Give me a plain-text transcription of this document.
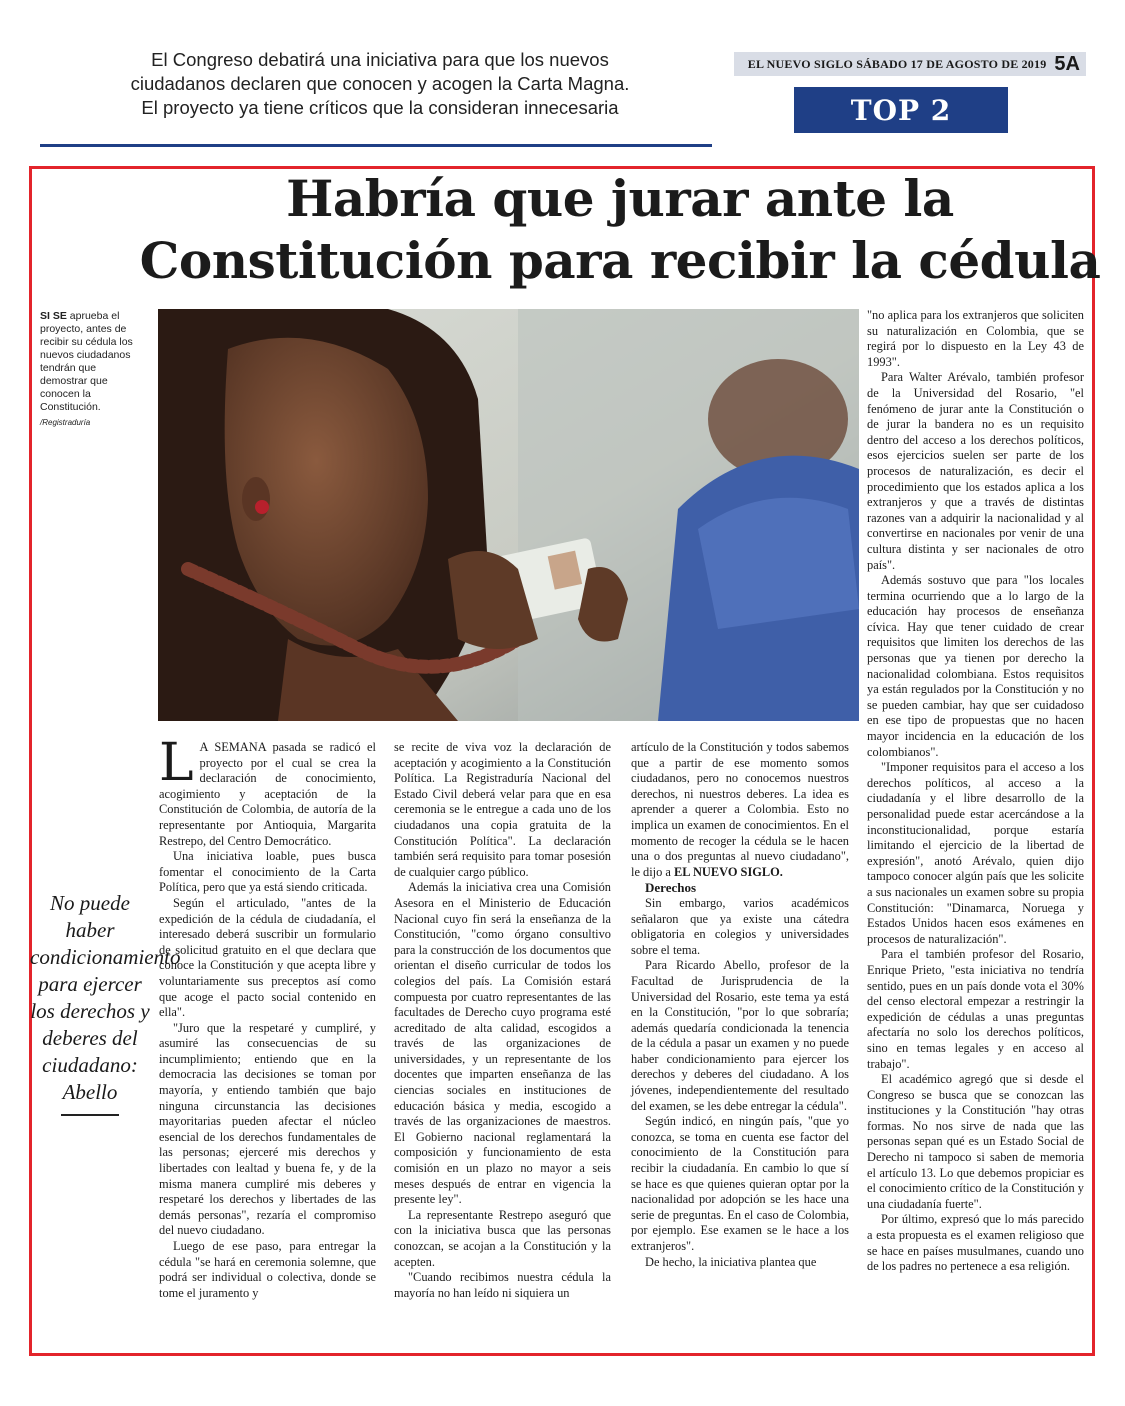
El Congreso debatirá una iniciativa para que los nuevos
ciudadanos declaren que conocen y acogen la Carta Magna.
El proyecto ya tiene críticos que la consideran innecesaria
EL NUEVO SIGLO SÁBADO 17 DE AGOSTO DE 2019 5A
TOP 2
Habría que jurar ante la
Constitución para recibir la cédula
SI SE aprueba el proyecto, antes de recibir su cédula los nuevos ciudadanos tendrán que demostrar que conocen la Constitución.
/Registraduría
No puede haber condicionamiento para ejercer los derechos y deberes del ciudadano: Abello
L A SEMANA pasada se radicó el proyecto por el cual se crea la declaración de conocimiento, acogimiento y aceptación de la Constitución de Colombia, de autoría de la representante por Antioquia, Margarita Restrepo, del Centro Democrático.

Una iniciativa loable, pues busca fomentar el conocimiento de la Carta Política, pero que ya está siendo criticada.

Según el articulado, "antes de la expedición de la cédula de ciudadanía, el interesado deberá suscribir un formulario de solicitud gratuito en el que declara que conoce la Constitución y que acepta libre y voluntariamente sus preceptos así como que acoge el pacto social contenido en ella".

"Juro que la respetaré y cumpliré, y asumiré las consecuencias de su incumplimiento; entiendo que en la democracia las decisiones se toman por mayoría, y entiendo también que bajo ninguna circunstancia las decisiones mayoritarias pueden afectar el núcleo esencial de los derechos fundamentales de las personas; ejerceré mis derechos y libertades con lealtad y buena fe, y de la misma manera cumpliré mis deberes y respetaré los derechos y libertades de las demás personas", rezaría el compromiso del nuevo ciudadano.

Luego de ese paso, para entregar la cédula "se hará en ceremonia solemne, que podrá ser individual o colectiva, donde se tome el juramento y

se recite de viva voz la declaración de aceptación y acogimiento a la Constitución Política. La Registraduría Nacional del Estado Civil deberá velar para que en esa ceremonia se le entregue a cada uno de los ciudadanos una copia gratuita de la Constitución Política". La declaración también será requisito para tomar posesión de cualquier cargo público.

Además la iniciativa crea una Comisión Asesora en el Ministerio de Educación Nacional cuyo fin será la enseñanza de la Constitución, "como órgano consultivo para la construcción de los documentos que orientan el diseño curricular de todos los colegios del país. La Comisión estará compuesta por cuatro representantes de las facultades de Derecho cuyo programa esté acreditado de alta calidad, escogidos a través de las organizaciones de universidades, y un representante de los docentes que imparten enseñanza de las ciencias sociales en instituciones de educación básica y media, escogido a través de las organizaciones de maestros. El Gobierno nacional reglamentará la composición y funcionamiento de esta comisión en un plazo no mayor a seis meses después de entrar en vigencia la presente ley".

La representante Restrepo aseguró que con la iniciativa busca que las personas conozcan, se acojan a la Constitución y la acepten.

"Cuando recibimos nuestra cédula la mayoría no han leído ni siquiera un

artículo de la Constitución y todos sabemos que a partir de ese momento somos ciudadanos, pero no conocemos nuestros derechos, ni nuestros deberes. La idea es aprender a querer a Colombia. Esto no implica un examen de conocimientos. En el momento de recoger la cédula se le hacen una o dos preguntas al nuevo ciudadano", le dijo a EL NUEVO SIGLO.

Derechos

Sin embargo, varios académicos señalaron que ya existe una cátedra obligatoria en colegios y universidades sobre el tema.

Para Ricardo Abello, profesor de la Facultad de Jurisprudencia de la Universidad del Rosario, este tema ya está en la Constitución, "por lo que sobraría; además quedaría condicionada la tenencia de la cédula a pasar un examen y no puede haber condicionamiento para ejercer los derechos y deberes del ciudadano. A los jóvenes, independientemente del resultado del examen, se les debe entregar la cédula".

Según indicó, en ningún país, "que yo conozca, se toma en cuenta ese factor del conocimiento de la Constitución para recibir la ciudadanía. En cambio lo que sí se hace es que quienes quieran optar por la nacionalidad por adopción se les hace una serie de preguntas. En el caso de Colombia, por ejemplo. Ese examen se le hace a los extranjeros".

De hecho, la iniciativa plantea que

"no aplica para los extranjeros que soliciten su naturalización en Colombia, que se regirá por lo dispuesto en la Ley 43 de 1993".

Para Walter Arévalo, también profesor de la Universidad del Rosario, "el fenómeno de jurar ante la Constitución o de jurar la bandera no es un requisito dentro del acceso a los derechos políticos, esos ejercicios suelen ser parte de los procesos de naturalización, es decir el procedimiento que los estados aplica a los extranjeros y que a través de distintas razones van a adquirir la nacionalidad y al convertirse en nacionales por venir de una cultura distinta y ser nacionales de otro país".

Además sostuvo que para "los locales termina ocurriendo que a lo largo de la educación hay procesos de enseñanza cívica. Hay que tener cuidado de crear requisitos que limiten los derechos de las personas que ya tienen por derecho la nacionalidad colombiana. Estos requisitos ya están regulados por la Constitución y no se pueden cambiar, hay que ser cuidadoso en ese tipo de propuestas que no hacen mayor incidencia en la educación de los colombianos".

"Imponer requisitos para el acceso a los derechos políticos, al acceso a la ciudadanía y el libre desarrollo de la personalidad puede estar acercándose a la inconstitucionalidad, porque estaría limitando el ejercicio de la libertad de expresión", anotó Arévalo, quien dijo tampoco conocer algún país que les solicite a sus nacionales un examen sobre su propia Constitución: "Dinamarca, Noruega y Estados Unidos hacen esos exámenes en procesos de naturalización".

Para el también profesor del Rosario, Enrique Prieto, "esta iniciativa no tendría sentido, pues en un país donde vota el 30% del censo electoral empezar a restringir la expedición de cédulas a unas preguntas afectaría no solo los derechos políticos, sino en temas legales y en acceso al trabajo".

El académico agregó que si desde el Congreso se busca que se conozcan las instituciones y la Constitución "hay otras formas. No nos sirve de nada que las personas sepan qué es un Estado Social de Derecho ni tampoco si saben de memoria el artículo 13. Lo que debemos propiciar es el conocimiento crítico de la Constitución y una ciudadanía fuerte".

Por último, expresó que lo más parecido a esta propuesta es el examen religioso que se hace en países musulmanes, cuando uno de los padres no pertenece a esa religión.
